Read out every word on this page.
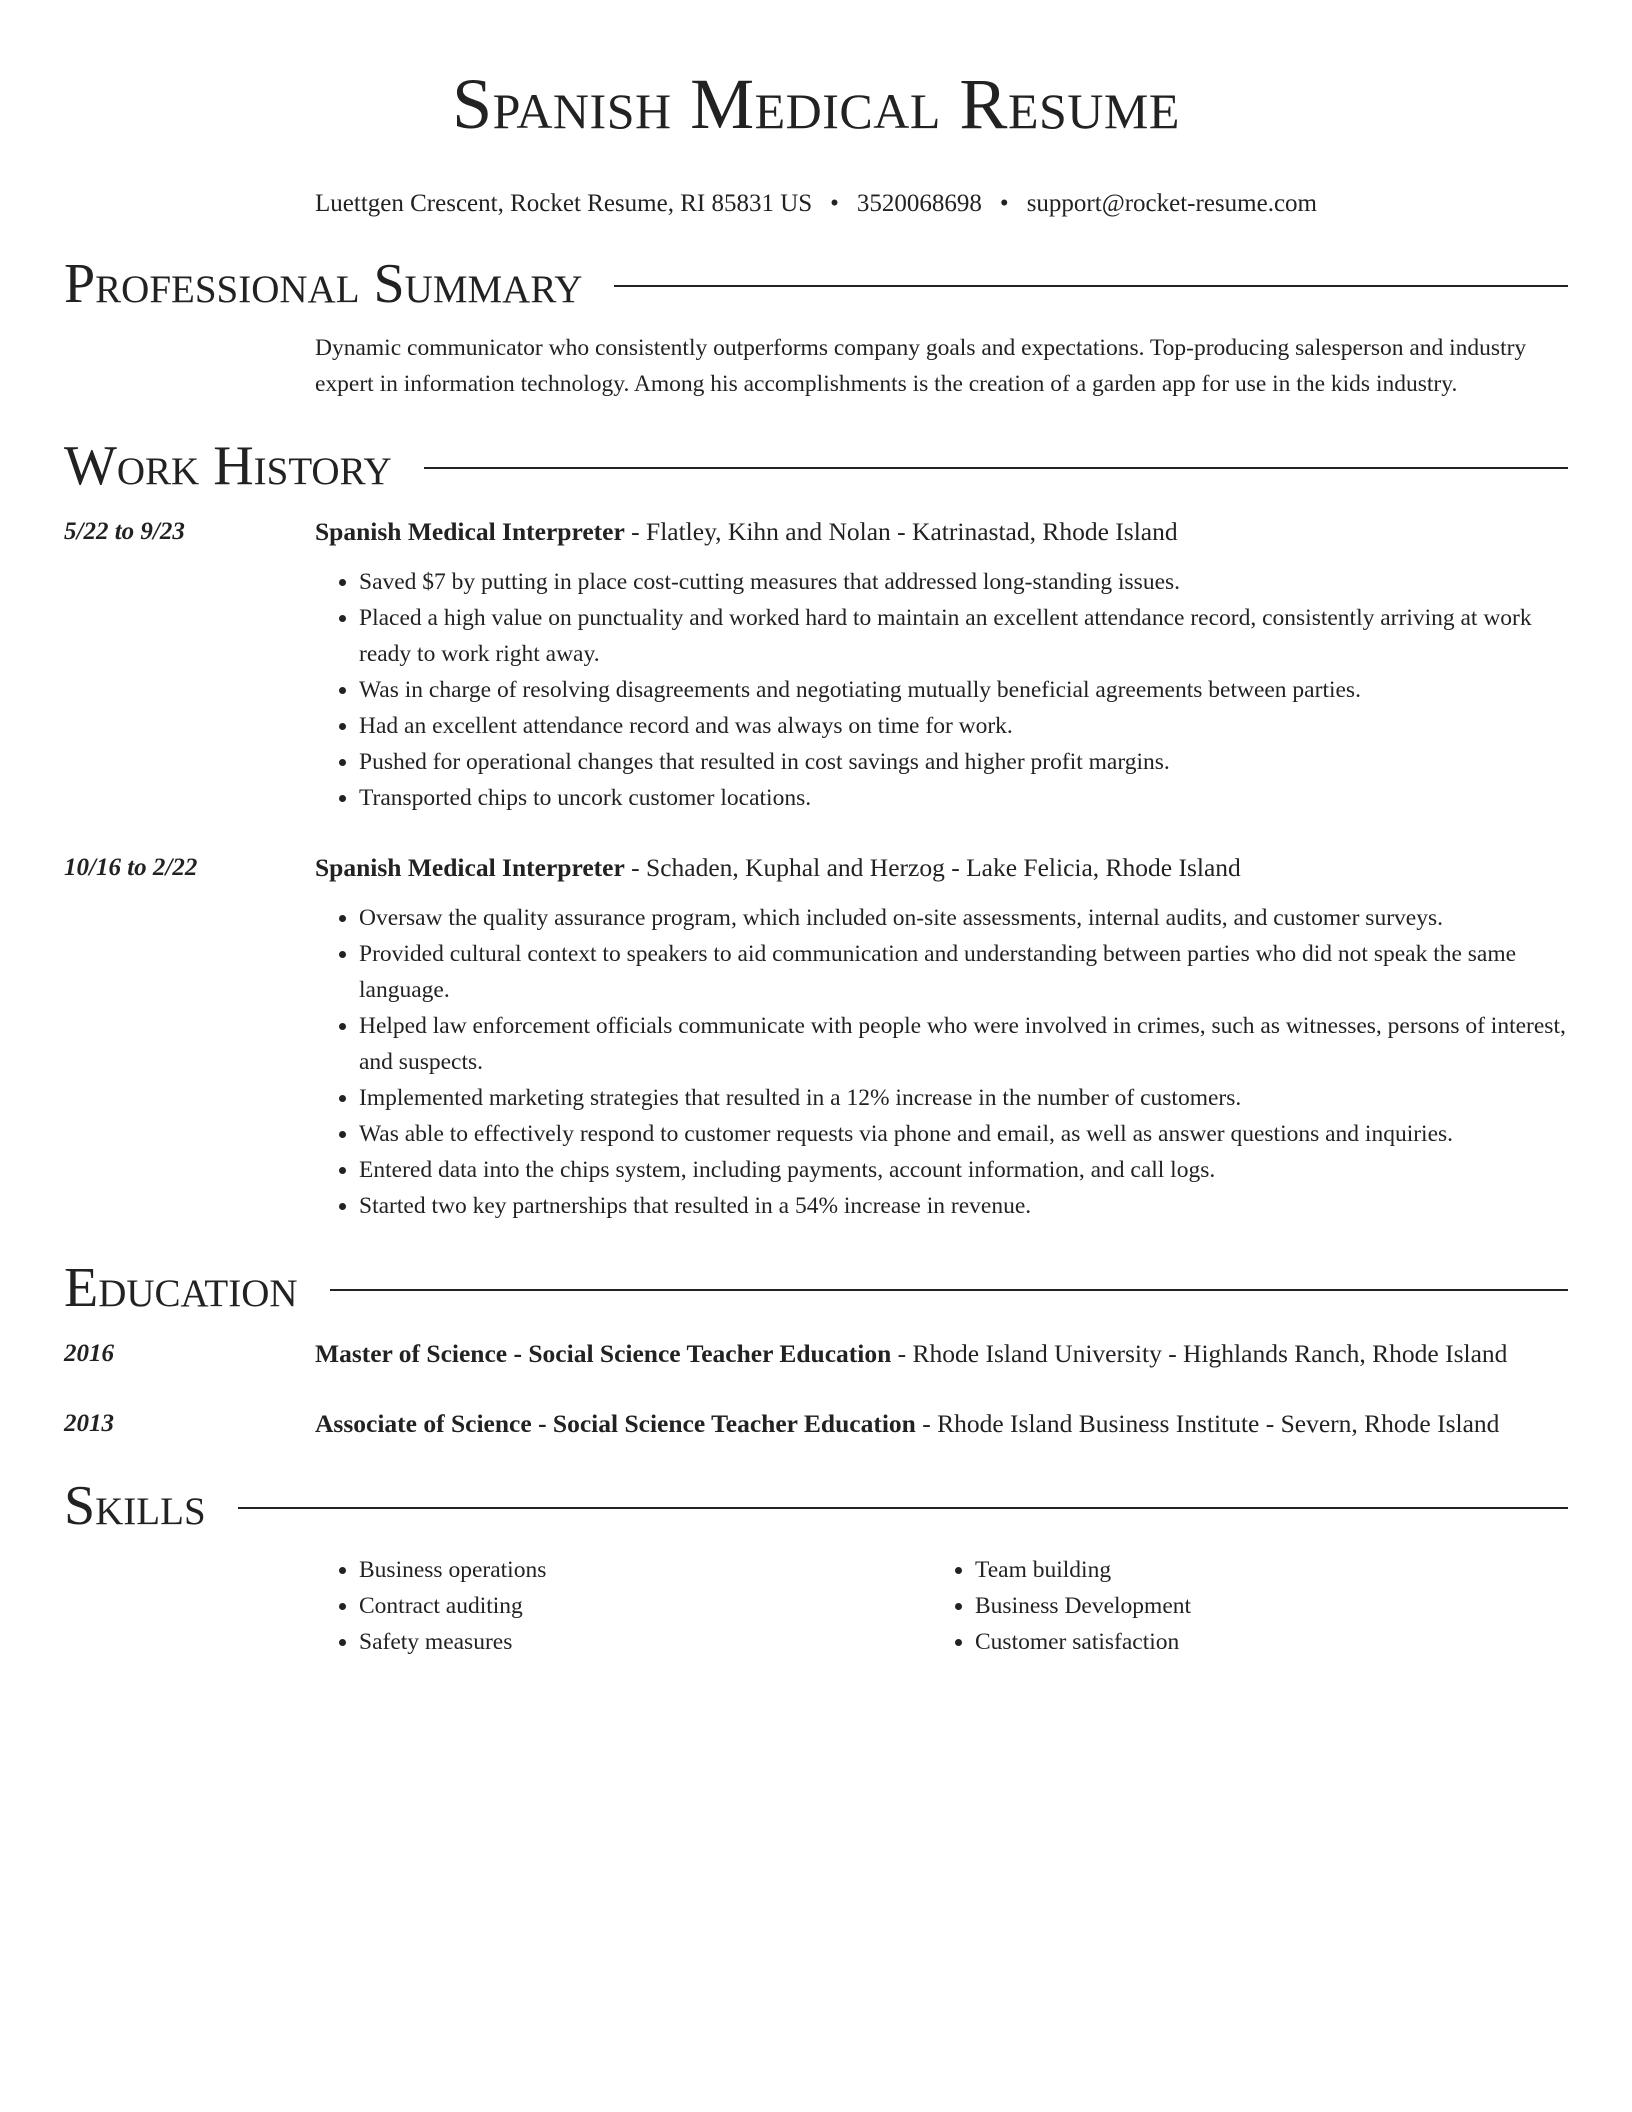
Spanish Medical Resume
Luettgen Crescent, Rocket Resume, RI 85831 US • 3520068698 • support@rocket-resume.com
Professional Summary
Dynamic communicator who consistently outperforms company goals and expectations. Top-producing salesperson and industry expert in information technology. Among his accomplishments is the creation of a garden app for use in the kids industry.
Work History
5/22 to 9/23	Spanish Medical Interpreter - Flatley, Kihn and Nolan - Katrinastad, Rhode Island
• Saved $7 by putting in place cost-cutting measures that addressed long-standing issues.
• Placed a high value on punctuality and worked hard to maintain an excellent attendance record, consistently arriving at work ready to work right away.
• Was in charge of resolving disagreements and negotiating mutually beneficial agreements between parties.
• Had an excellent attendance record and was always on time for work.
• Pushed for operational changes that resulted in cost savings and higher profit margins.
• Transported chips to uncork customer locations.
10/16 to 2/22	Spanish Medical Interpreter - Schaden, Kuphal and Herzog - Lake Felicia, Rhode Island
• Oversaw the quality assurance program, which included on-site assessments, internal audits, and customer surveys.
• Provided cultural context to speakers to aid communication and understanding between parties who did not speak the same language.
• Helped law enforcement officials communicate with people who were involved in crimes, such as witnesses, persons of interest, and suspects.
• Implemented marketing strategies that resulted in a 12% increase in the number of customers.
• Was able to effectively respond to customer requests via phone and email, as well as answer questions and inquiries.
• Entered data into the chips system, including payments, account information, and call logs.
• Started two key partnerships that resulted in a 54% increase in revenue.
Education
2016	Master of Science - Social Science Teacher Education - Rhode Island University - Highlands Ranch, Rhode Island
2013	Associate of Science - Social Science Teacher Education - Rhode Island Business Institute - Severn, Rhode Island
Skills
• Business operations
• Contract auditing
• Safety measures
• Team building
• Business Development
• Customer satisfaction
